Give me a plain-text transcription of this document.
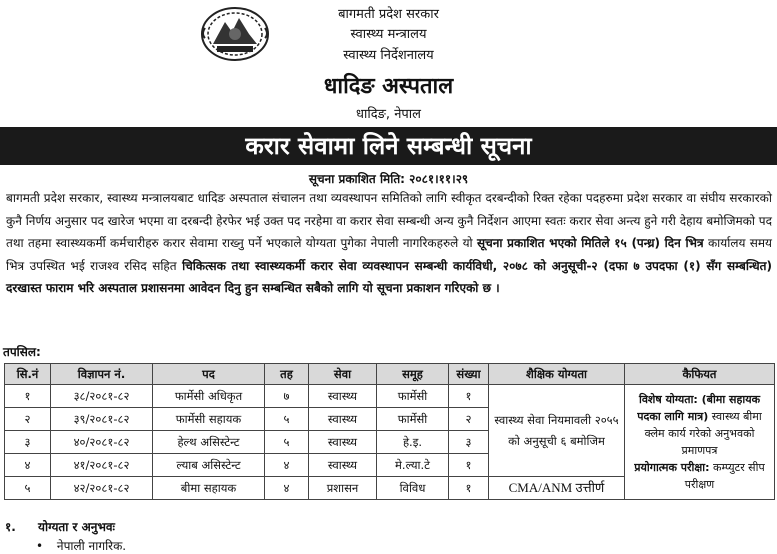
बागमती प्रदेश सरकार
स्वास्थ्य मन्त्रालय
स्वास्थ्य निर्देशनालय
धादिङ अस्पताल
धादिङ, नेपाल
करार सेवामा लिने सम्बन्धी सूचना
सूचना प्रकाशित मिति: २०८१।११।२९

बागमती प्रदेश सरकार, स्वास्थ्य मन्त्रालयबाट धादिङ अस्पताल संचालन तथा व्यवस्थापन समितिको लागि स्वीकृत दरबन्दीको रिक्त रहेका पदहरुमा प्रदेश सरकार वा संघीय सरकारको कुनै निर्णय अनुसार पद खारेज भएमा वा दरबन्दी हेरफेर भई उक्त पद नरहेमा वा करार सेवा सम्बन्धी अन्य कुनै निर्देशन आएमा स्वतः करार सेवा अन्त्य हुने गरी देहाय बमोजिमको पद तथा तहमा स्वास्थ्यकर्मी कर्मचारीहरु करार सेवामा राख्नु पर्ने भएकाले योग्यता पुगेका नेपाली नागरिकहरुले यो सूचना प्रकाशित भएको मितिले १५ (पन्ध्र) दिन भित्र कार्यालय समय भित्र उपस्थित भई राजश्व रसिद सहित चिकित्सक तथा स्वास्थ्यकर्मी करार सेवा व्यवस्थापन सम्बन्धी कार्यविधी, २०७८ को अनुसूची-२ (दफा ७ उपदफा (१) सँग सम्बन्धित) दरखास्त फाराम भरि अस्पताल प्रशासनमा आवेदन दिनु हुन सम्बन्धित सबैको लागि यो सूचना प्रकाशन गरिएको छ ।

तपसिल:
सि.नं	विज्ञापन नं.	पद	तह	सेवा	समूह	संख्या	शैक्षिक योग्यता	कैफियत
१	३८/२०८१-८२	फार्मेसी अधिकृत	७	स्वास्थ्य	फार्मेसी	१	स्वास्थ्य सेवा नियमावली २०५५ को अनुसूची ६ बमोजिम	विशेष योग्यता: (बीमा सहायक पदका लागि मात्र) स्वास्थ्य बीमा क्लेम कार्य गरेको अनुभवको प्रमाणपत्र
प्रयोगात्मक परीक्षा: कम्प्युटर सीप परीक्षण
२	३९/२०८१-८२	फार्मेसी सहायक	५	स्वास्थ्य	फार्मेसी	२		
३	४०/२०८१-८२	हेल्थ असिस्टेन्ट	५	स्वास्थ्य	हे.इ.	३		
४	४१/२०८१-८२	ल्याब असिस्टेन्ट	४	स्वास्थ्य	मे.ल्या.टे	१		
५	४२/२०८१-८२	बीमा सहायक	४	प्रशासन	विविध	१	CMA/ANM उत्तीर्ण	
१. योग्यता र अनुभवः
• नेपाली नागरिक.
